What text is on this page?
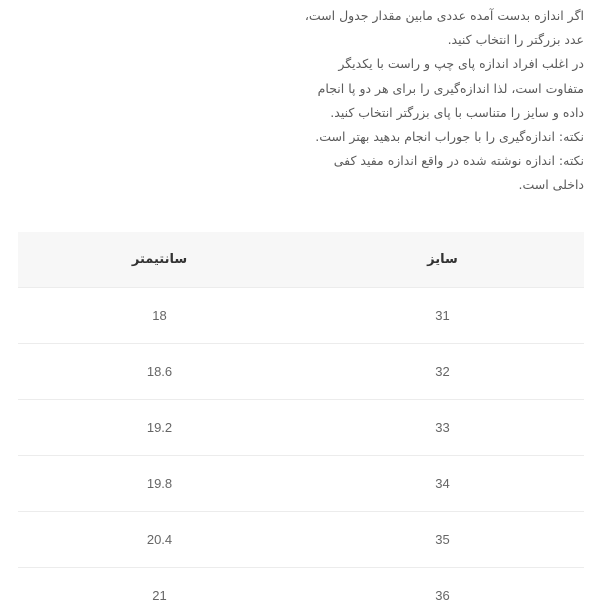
اگر اندازه بدست آمده عددی مابین مقدار جدول است،

عدد بزرگتر را انتخاب کنید.

در اغلب افراد اندازه پای چپ و راست با یکدیگر

متفاوت است، لذا اندازه‌گیری را برای هر دو پا انجام

داده و سایز را متناسب با پای بزرگتر انتخاب کنید.

نکته: اندازه‌گیری را با جوراب انجام بدهید بهتر است.

نکته: اندازه نوشته شده در واقع اندازه مفید کفی

داخلی است.

سایز	سانتیمتر
31	18
32	18.6
33	19.2
34	19.8
35	20.4
36	21
